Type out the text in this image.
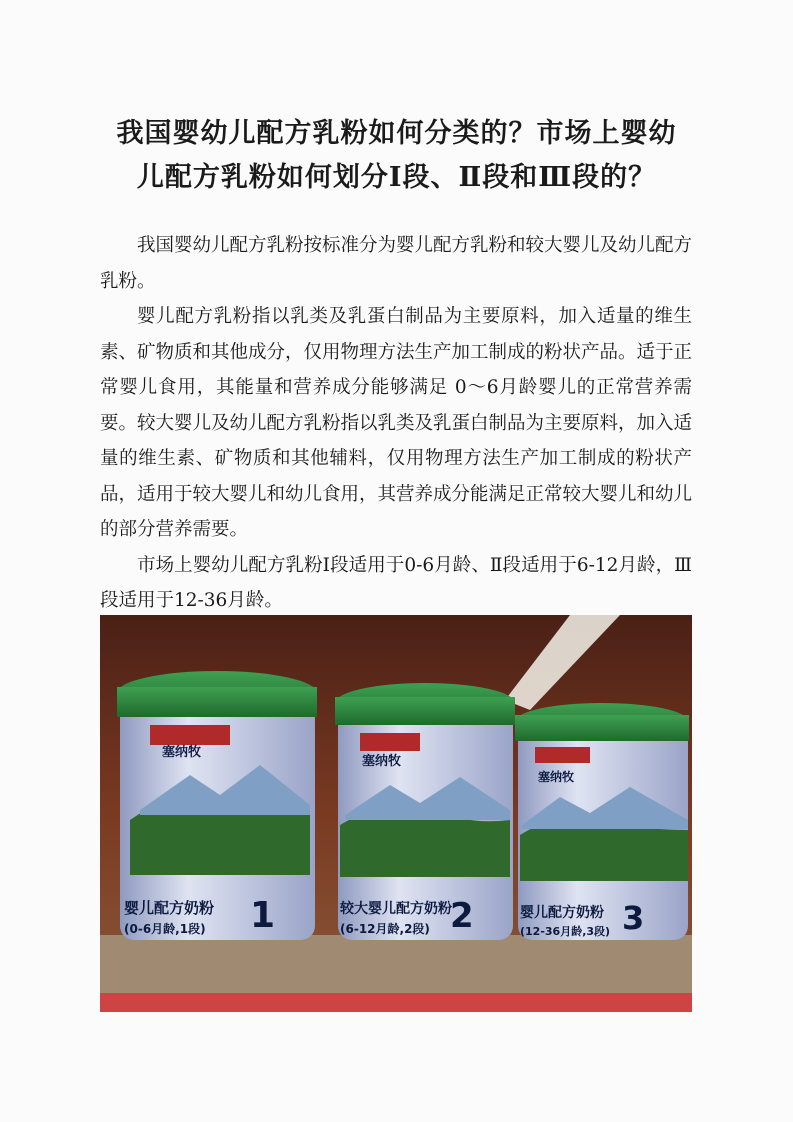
我国婴幼儿配方乳粉如何分类的？市场上婴幼
儿配方乳粉如何划分Ⅰ段、Ⅱ段和Ⅲ段的？

我国婴幼儿配方乳粉按标准分为婴儿配方乳粉和较大婴儿及幼儿配方乳粉。

婴儿配方乳粉指以乳类及乳蛋白制品为主要原料，加入适量的维生素、矿物质和其他成分，仅用物理方法生产加工制成的粉状产品。适于正常婴儿食用，其能量和营养成分能够满足 0～6月龄婴儿的正常营养需要。较大婴儿及幼儿配方乳粉指以乳类及乳蛋白制品为主要原料，加入适量的维生素、矿物质和其他辅料，仅用物理方法生产加工制成的粉状产品，适用于较大婴儿和幼儿食用，其营养成分能满足正常较大婴儿和幼儿的部分营养需要。

市场上婴幼儿配方乳粉Ⅰ段适用于0-6月龄、Ⅱ段适用于6-12月龄，Ⅲ段适用于12-36月龄。

塞纳牧
婴儿配方奶粉 1
(0-6月龄,1段)
塞纳牧
较大婴儿配方奶粉
2
(6-12月龄,2段)
塞纳牧
婴儿配方奶粉 3
(12-36月龄,3段)
